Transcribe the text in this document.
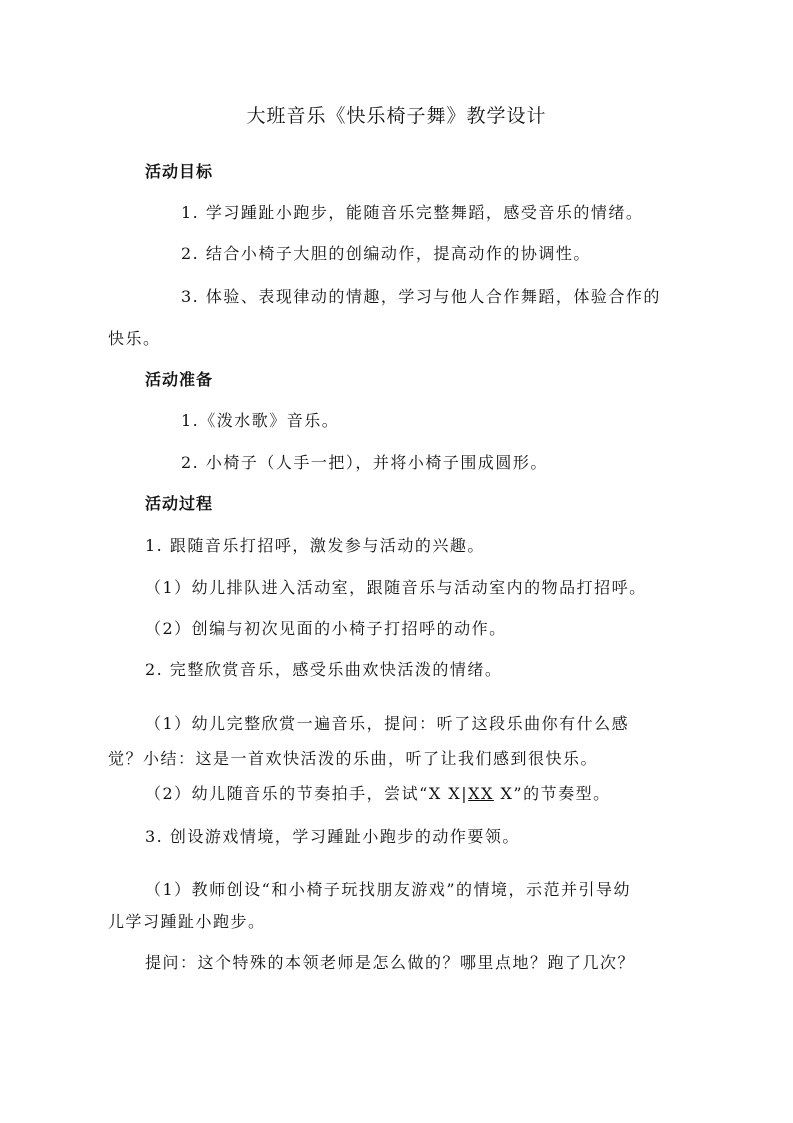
大班音乐《快乐椅子舞》教学设计
活动目标
1. 学习踵趾小跑步，能随音乐完整舞蹈，感受音乐的情绪。
2. 结合小椅子大胆的创编动作，提高动作的协调性。
3. 体验、表现律动的情趣，学习与他人合作舞蹈，体验合作的
快乐。
活动准备
1.《泼水歌》音乐。
2. 小椅子（人手一把），并将小椅子围成圆形。
活动过程
1. 跟随音乐打招呼，激发参与活动的兴趣。
（1）幼儿排队进入活动室，跟随音乐与活动室内的物品打招呼。
（2）创编与初次见面的小椅子打招呼的动作。
2. 完整欣赏音乐，感受乐曲欢快活泼的情绪。
（1）幼儿完整欣赏一遍音乐，提问：听了这段乐曲你有什么感
觉？小结：这是一首欢快活泼的乐曲，听了让我们感到很快乐。
（2）幼儿随音乐的节奏拍手，尝试“X X|XX X”的节奏型。
3. 创设游戏情境，学习踵趾小跑步的动作要领。
（1）教师创设“和小椅子玩找朋友游戏”的情境，示范并引导幼
儿学习踵趾小跑步。
提问：这个特殊的本领老师是怎么做的？哪里点地？跑了几次？
